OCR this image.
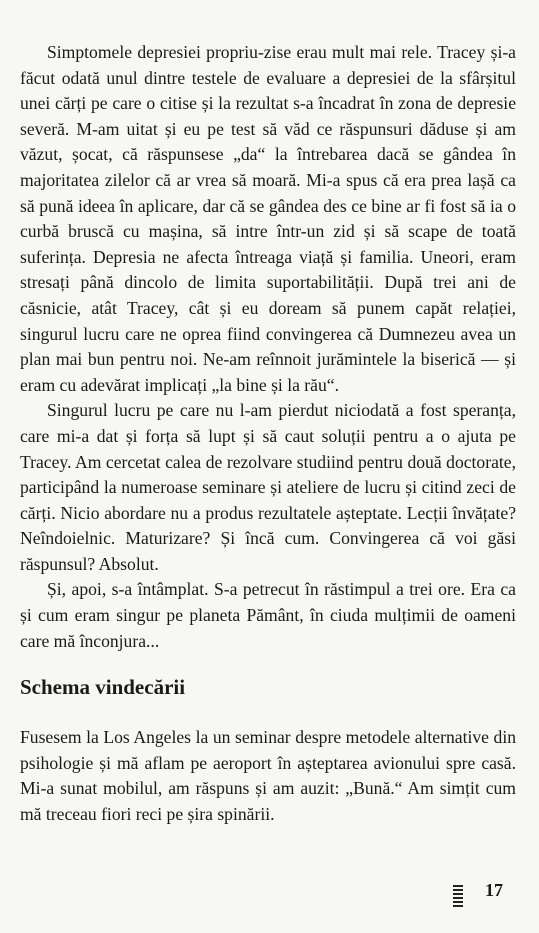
Simptomele depresiei propriu-zise erau mult mai rele. Tracey și-a făcut odată unul dintre testele de evaluare a depresiei de la sfârșitul unei cărți pe care o citise și la rezultat s-a încadrat în zona de depresie severă. M-am uitat și eu pe test să văd ce răspunsuri dăduse și am văzut, șocat, că răspunsese „da“ la întrebarea dacă se gândea în majoritatea zilelor că ar vrea să moară. Mi-a spus că era prea lașă ca să pună ideea în aplicare, dar că se gândea des ce bine ar fi fost să ia o curbă bruscă cu mașina, să intre într-un zid și să scape de toată suferința. Depresia ne afecta întreaga viață și familia. Uneori, eram stresați până dincolo de limita suportabilității. După trei ani de căsnicie, atât Tracey, cât și eu doream să punem capăt relației, singurul lucru care ne oprea fiind convingerea că Dumnezeu avea un plan mai bun pentru noi. Ne-am reînnoit jurămintele la biserică — și eram cu adevărat implicați „la bine și la rău“.

Singurul lucru pe care nu l-am pierdut niciodată a fost speranța, care mi-a dat și forța să lupt și să caut soluții pentru a o ajuta pe Tracey. Am cercetat calea de rezolvare studiind pentru două doctorate, participând la numeroase seminare și ateliere de lucru și citind zeci de cărți. Nicio abordare nu a produs rezultatele așteptate. Lecții învățate? Neîndoielnic. Maturizare? Și încă cum. Convingerea că voi găsi răspunsul? Absolut.

Și, apoi, s-a întâmplat. S-a petrecut în răstimpul a trei ore. Era ca și cum eram singur pe planeta Pământ, în ciuda mulțimii de oameni care mă înconjura...

Schema vindecării

Fusesem la Los Angeles la un seminar despre metodele alternative din psihologie și mă aflam pe aeroport în așteptarea avionului spre casă. Mi-a sunat mobilul, am răspuns și am auzit: „Bună.“ Am simțit cum mă treceau fiori reci pe șira spinării.

17
